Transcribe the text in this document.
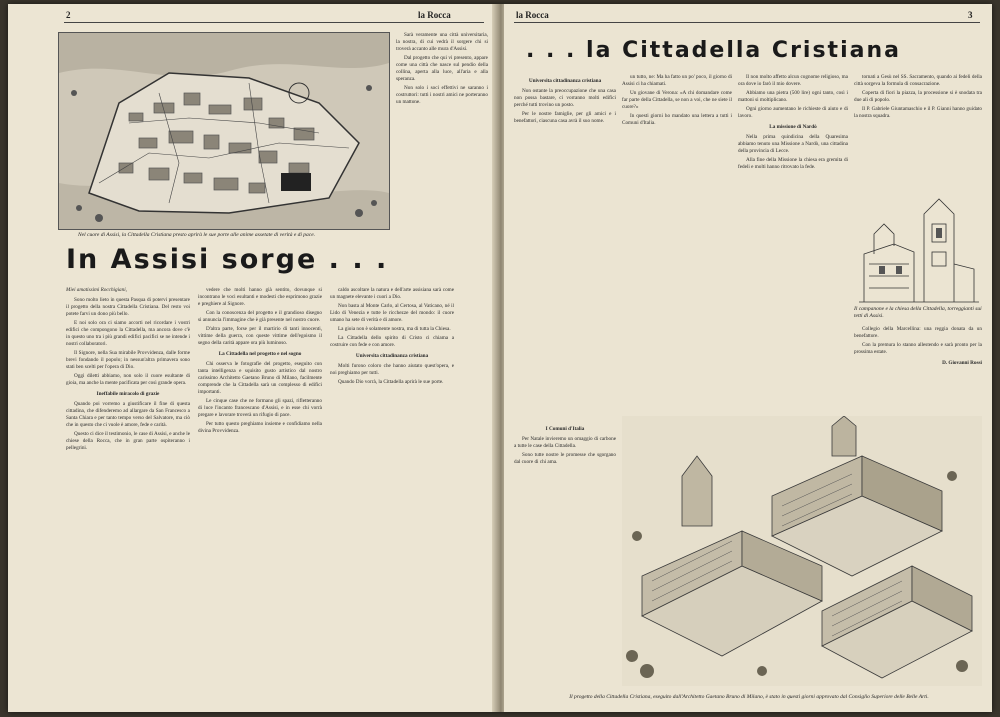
2	la Rocca
Nel cuore di Assisi, la Cittadella Cristiana presto aprirà le sue porte alle anime assetate di verità e di pace.
In Assisi sorge . . .

Miei amatissimi Rocchigiani,

Sono molto lieto in questa Pasqua di potervi presentare il progetto della nostra Cittadella Cristiana. Del resto voi potete farvi un dono più bello.

E noi solo ora ci siamo accorti nel ricordare i vostri edifici che compongono la Cittadella, ma ancora dove c'è in questo uno tra i più grandi edifici pacifici se ne intende i nostri collaboratori.

Il Signore, nella Sua mirabile Provvidenza, dalle forme brevi fondando il popolo; in nessun'altra primavera sono stati ben scelti per l'opera di Dio.

Oggi diletti abbiamo, non solo il cuore esultante di gioia, ma anche la mente pacificata per così grande opera.

Ineffabile miracolo di grazie

Quando poi vorremo a giustificare il fine di questa cittadina, che difenderemo ad allargare da San Francesco a Santa Chiara e per tanto tempo verso del Salvatore, ma ciò che in questo che ci vuole è amore, fede e carità.

Questo ci dice il testimonio, le case di Assisi, e anche le chiese della Rocca, che in gran parte ospiteranno i pellegrini.

vedere che molti hanno già sentito, dovunque si incontrano le voci esultanti e modesti che esprimono grazie e preghiere al Signore.

Con la conoscenza del progetto e il grandioso disegno si annuncia l'immagine che è già presente nel nostro cuore.

D'altra parte, forse per il martirio di tanti innocenti, vittime della guerra, con queste vittime dell'egoismo il segno della carità appare ora più luminoso.

La Cittadella nel progetto e nel sogno

Chi osserva le fotografie del progetto, eseguito con tanta intelligenza e squisito gusto artistico dal nostro carissimo Architetto Gaetano Bruno di Milano, facilmente comprende che la Cittadella sarà un complesso di edifici importanti.

Le cinque case che ne formano gli spazi, rifletteranno di luce l'incanto francescano d'Assisi, e in esse chi vorrà pregare e lavorare troverà un rifugio di pace.

Per tutto questo preghiamo insieme e confidiamo nella divina Provvidenza.

caldo ascoltare la natura e dell'arte assisiana sarà come un magnete elevante i cuori a Dio.

Non basta al Monte Carlo, al Certosa, al Vaticano, né il Lido di Venezia e tutte le ricchezze del mondo: il cuore umano ha sete di verità e di amore.

La gioia non è solamente nostra, ma di tutta la Chiesa.

La Cittadella dello spirito di Cristo ci chiama a costruire con fede e con amore.

Universita cittadinanza cristiana

Molti furono coloro che hanno aiutato quest'opera, e noi preghiamo per tutti.

Quando Dio vorrà, la Cittadella aprirà le sue porte.

Sarà veramente una città universitaria, la nostra, di cui vedrà il sorgere chi si troverà accanto alle mura d'Assisi.

Dal progetto che qui vi presento, appare come una città che nasce sul pendio della collina, aperta alla luce, all'aria e alla speranza.

Non solo i soci effettivi ne saranno i costruttori: tutti i nostri amici ne porteranno un mattone.

la Rocca	3
. . . la Cittadella Cristiana

Universita cittadinanza cristiana

Non ostante la preoccupazione che una casa non possa bastare, ci vorranno molti edifici perché tutti trovino un posto.

Per le nostre famiglie, per gli amici e i benefattori, ciascuna casa avrà il suo nome.

un tutto, ne: Ma ha fatto un po' poco, il giorno di Assisi ci ha chiamati.

Un giovane di Verona: «A chi domandare come far parte della Cittadella, se non a voi, che ne siete il cuore?»

In questi giorni ho mandato una lettera a tutti i Comuni d'Italia.

Il non molto affetto alcun cognome religioso, ma ora dove io farò il mio dovere.

Abbiamo una pietra (500 lire) ogni tanto, così i mattoni si moltiplicano.

Ogni giorno aumentano le richieste di aiuto e di lavoro.

La missione di Nardò

Nella prima quindicina della Quaresima abbiamo tenuto una Missione a Nardò, una cittadina della provincia di Lecce.

Alla fine della Missione la chiesa era gremita di fedeli e molti hanno ritrovato la fede.

tornati a Gesù nel SS. Sacramento, quando ai fedeli della città sorgeva la formula di consacrazione.

Coperta di fiori la piazza, la processione si è snodata tra due ali di popolo.

Il P. Gabriele Giuntamaschio e il P. Gianni hanno guidato la nostra squadra.

Il campanone e la chiesa della Cittadella, torreggianti sui tetti di Assisi.

Collegio della Marcellina: una reggia donata da un benefattore.

Con la premura lo stanno allestendo e sarà pronto per la prossima estate.

D. Giovanni Rossi

I Comuni d'Italia

Per Natale invieremo un omaggio di carbone a tutte le case della Cittadella.

Sono tutte nostre le promesse che sgorgano dal cuore di chi ama.

Il progetto della Cittadella Cristiana, eseguito dall'Architetto Gaetano Bruno di Milano, è stato in questi giorni approvato dal Consiglio Superiore delle Belle Arti.
